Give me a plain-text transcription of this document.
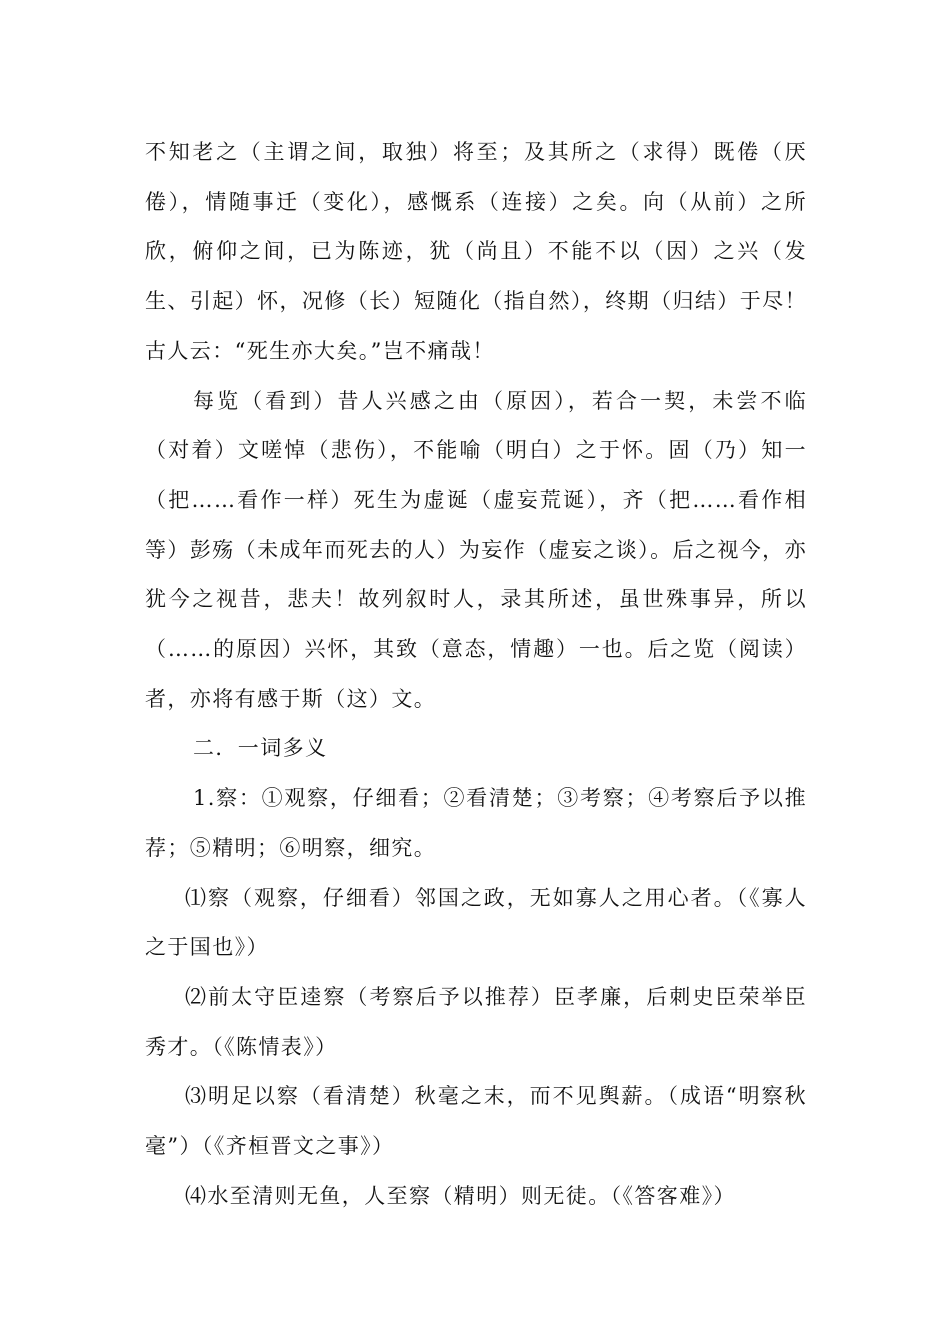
不知老之（主谓之间，取独）将至；及其所之（求得）既倦（厌倦），情随事迁（变化），感慨系（连接）之矣。向（从前）之所欣，俯仰之间，已为陈迹，犹（尚且）不能不以（因）之兴（发生、引起）怀，况修（长）短随化（指自然），终期（归结）于尽！古人云：“死生亦大矣。”岂不痛哉！

每览（看到）昔人兴感之由（原因），若合一契，未尝不临（对着）文嗟悼（悲伤），不能喻（明白）之于怀。固（乃）知一（把……看作一样）死生为虚诞（虚妄荒诞），齐（把……看作相等）彭殇（未成年而死去的人）为妄作（虚妄之谈）。后之视今，亦犹今之视昔，悲夫！故列叙时人，录其所述，虽世殊事异，所以（……的原因）兴怀，其致（意态，情趣）一也。后之览（阅读）者，亦将有感于斯（这）文。

二．一词多义

1.察：①观察，仔细看；②看清楚；③考察；④考察后予以推荐；⑤精明；⑥明察，细究。

⑴察（观察，仔细看）邻国之政，无如寡人之用心者。（《寡人之于国也》）

⑵前太守臣逵察（考察后予以推荐）臣孝廉，后刺史臣荣举臣秀才。（《陈情表》）

⑶明足以察（看清楚）秋毫之末，而不见舆薪。（成语“明察秋毫”）（《齐桓晋文之事》）

⑷水至清则无鱼，人至察（精明）则无徒。（《答客难》）
